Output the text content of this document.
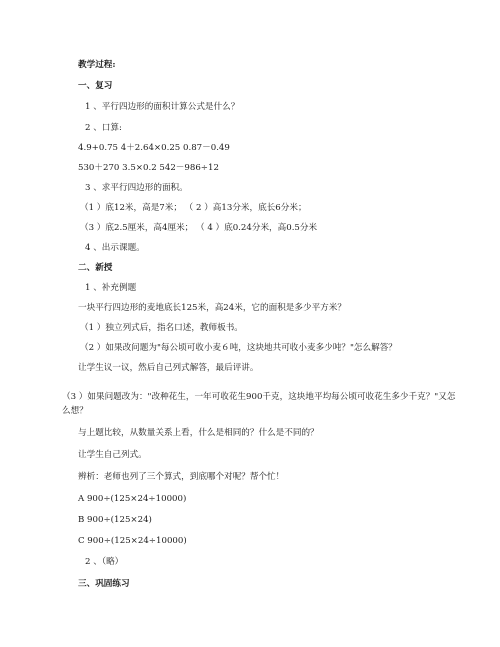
教学过程:
一、复习
1 、平行四边形的面积计算公式是什么？
2 、口算:
4.9+0.75 4＋2.64×0.25 0.87－0.49
530＋270 3.5×0.2 542－986÷12
3 、求平行四边形的面积。
（1 ）底12米，高是7米； （ 2 ）高13分米，底长6分米；
（3 ）底2.5厘米，高4厘米； （ 4 ）底0.24分米，高0.5分米
4 、出示课题。
二、新授
1 、补充例题
一块平行四边形的麦地底长125米，高24米，它的面积是多少平方米？
（1 ）独立列式后，指名口述，教师板书。
（2 ）如果改问题为"每公顷可收小麦６吨，这块地共可收小麦多少吨？"怎么解答？
让学生议一议，然后自己列式解答，最后评讲。
（3 ）如果问题改为："改种花生，一年可收花生900千克，这块地平均每公顷可收花生多少千克？"又怎么想？
与上题比较，从数量关系上看，什么是相同的？什么是不同的？
让学生自己列式。
辨析：老师也列了三个算式，到底哪个对呢？帮个忙！
A 900÷(125×24÷10000)
B 900÷(125×24)
C 900÷(125×24÷10000)
2 、（略）
三、巩固练习
